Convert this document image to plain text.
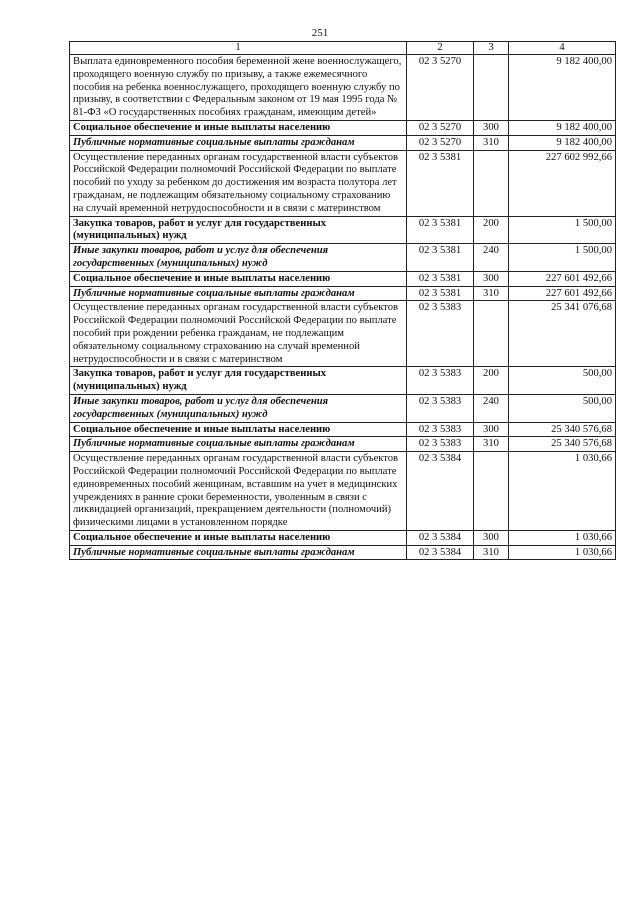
251
1	2	3	4
Выплата единовременного пособия беременной жене военнослужащего, проходящего военную службу по призыву, а также ежемесячного пособия на ребенка военнослужащего, проходящего военную службу по призыву, в соответствии с Федеральным законом от 19 мая 1995 года № 81-ФЗ «О государственных пособиях гражданам, имеющим детей»	02 3 5270		9 182 400,00
Социальное обеспечение и иные выплаты населению	02 3 5270	300	9 182 400,00
Публичные нормативные социальные выплаты гражданам	02 3 5270	310	9 182 400,00
Осуществление переданных органам государственной власти субъектов Российской Федерации полномочий Российской Федерации по выплате пособий по уходу за ребенком до достижения им возраста полутора лет гражданам, не подлежащим обязательному социальному страхованию на случай временной нетрудоспособности и в связи с материнством	02 3 5381		227 602 992,66
Закупка товаров, работ и услуг для государственных (муниципальных) нужд	02 3 5381	200	1 500,00
Иные закупки товаров, работ и услуг для обеспечения государственных (муниципальных) нужд	02 3 5381	240	1 500,00
Социальное обеспечение и иные выплаты населению	02 3 5381	300	227 601 492,66
Публичные нормативные социальные выплаты гражданам	02 3 5381	310	227 601 492,66
Осуществление переданных органам государственной власти субъектов Российской Федерации полномочий Российской Федерации по выплате пособий при рождении ребенка гражданам, не подлежащим обязательному социальному страхованию на случай временной нетрудоспособности и в связи с материнством	02 3 5383		25 341 076,68
Закупка товаров, работ и услуг для государственных (муниципальных) нужд	02 3 5383	200	500,00
Иные закупки товаров, работ и услуг для обеспечения государственных (муниципальных) нужд	02 3 5383	240	500,00
Социальное обеспечение и иные выплаты населению	02 3 5383	300	25 340 576,68
Публичные нормативные социальные выплаты гражданам	02 3 5383	310	25 340 576,68
Осуществление переданных органам государственной власти субъектов Российской Федерации полномочий Российской Федерации по выплате единовременных пособий женщинам, вставшим на учет в медицинских учреждениях в ранние сроки беременности, уволенным в связи с ликвидацией организаций, прекращением деятельности (полномочий) физическими лицами в установленном порядке	02 3 5384		1 030,66
Социальное обеспечение и иные выплаты населению	02 3 5384	300	1 030,66
Публичные нормативные социальные выплаты гражданам	02 3 5384	310	1 030,66
